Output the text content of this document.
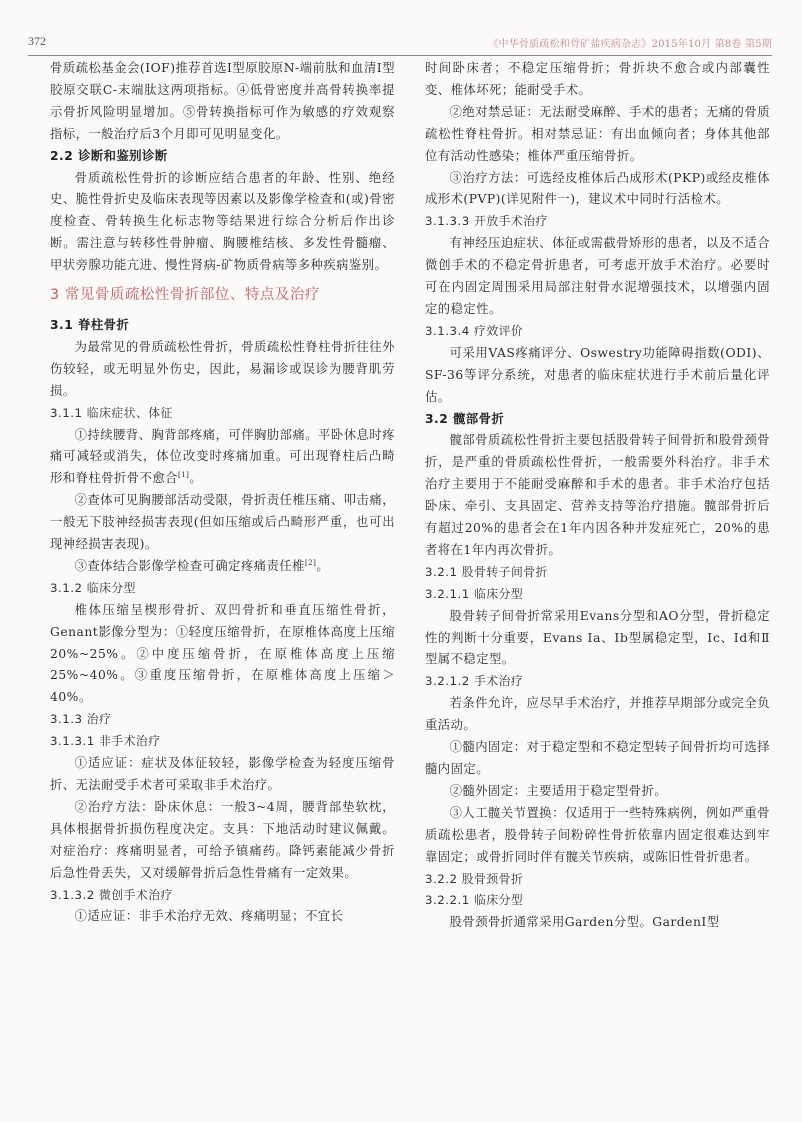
372	《中华骨质疏松和骨矿盐疾病杂志》2015年10月 第8卷 第5期

骨质疏松基金会(IOF)推荐首选Ⅰ型原胶原N-端前肽和血清Ⅰ型胶原交联C-末端肽这两项指标。④低骨密度并高骨转换率提示骨折风险明显增加。⑤骨转换指标可作为敏感的疗效观察指标，一般治疗后3个月即可见明显变化。

2.2 诊断和鉴别诊断

骨质疏松性骨折的诊断应结合患者的年龄、性别、绝经史、脆性骨折史及临床表现等因素以及影像学检查和(或)骨密度检查、骨转换生化标志物等结果进行综合分析后作出诊断。需注意与转移性骨肿瘤、胸腰椎结核、多发性骨髓瘤、甲状旁腺功能亢进、慢性肾病-矿物质骨病等多种疾病鉴别。

3 常见骨质疏松性骨折部位、特点及治疗
3.1 脊柱骨折

为最常见的骨质疏松性骨折，骨质疏松性脊柱骨折往往外伤较轻，或无明显外伤史，因此，易漏诊或误诊为腰背肌劳损。

3.1.1 临床症状、体征

①持续腰背、胸背部疼痛，可伴胸肋部痛。平卧休息时疼痛可减轻或消失，体位改变时疼痛加重。可出现脊柱后凸畸形和脊柱骨折骨不愈合[1]。

②查体可见胸腰部活动受限，骨折责任椎压痛、叩击痛，一般无下肢神经损害表现(但如压缩或后凸畸形严重，也可出现神经损害表现)。

③查体结合影像学检查可确定疼痛责任椎[2]。

3.1.2 临床分型

椎体压缩呈楔形骨折、双凹骨折和垂直压缩性骨折，Genant影像分型为：①轻度压缩骨折，在原椎体高度上压缩20%~25%。②中度压缩骨折，在原椎体高度上压缩25%~40%。③重度压缩骨折，在原椎体高度上压缩＞40%。

3.1.3 治疗
3.1.3.1 非手术治疗

①适应证：症状及体征较轻，影像学检查为轻度压缩骨折、无法耐受手术者可采取非手术治疗。

②治疗方法：卧床休息：一般3~4周，腰背部垫软枕，具体根据骨折损伤程度决定。支具：下地活动时建议佩戴。对症治疗：疼痛明显者，可给予镇痛药。降钙素能减少骨折后急性骨丢失，又对缓解骨折后急性骨痛有一定效果。

3.1.3.2 微创手术治疗

①适应证：非手术治疗无效、疼痛明显；不宜长

时间卧床者；不稳定压缩骨折；骨折块不愈合或内部囊性变、椎体坏死；能耐受手术。

②绝对禁忌证：无法耐受麻醉、手术的患者；无痛的骨质疏松性脊柱骨折。相对禁忌证：有出血倾向者；身体其他部位有活动性感染；椎体严重压缩骨折。

③治疗方法：可选经皮椎体后凸成形术(PKP)或经皮椎体成形术(PVP)(详见附件一)，建议术中同时行活检术。

3.1.3.3 开放手术治疗

有神经压迫症状、体征或需截骨矫形的患者，以及不适合微创手术的不稳定骨折患者，可考虑开放手术治疗。必要时可在内固定周围采用局部注射骨水泥增强技术，以增强内固定的稳定性。

3.1.3.4 疗效评价

可采用VAS疼痛评分、Oswestry功能障碍指数(ODI)、SF-36等评分系统，对患者的临床症状进行手术前后量化评估。

3.2 髋部骨折

髋部骨质疏松性骨折主要包括股骨转子间骨折和股骨颈骨折，是严重的骨质疏松性骨折，一般需要外科治疗。非手术治疗主要用于不能耐受麻醉和手术的患者。非手术治疗包括卧床、牵引、支具固定、营养支持等治疗措施。髋部骨折后有超过20%的患者会在1年内因各种并发症死亡，20%的患者将在1年内再次骨折。

3.2.1 股骨转子间骨折
3.2.1.1 临床分型

股骨转子间骨折常采用Evans分型和AO分型，骨折稳定性的判断十分重要，Evans Ⅰa、Ⅰb型属稳定型，Ⅰc、Ⅰd和Ⅱ型属不稳定型。

3.2.1.2 手术治疗

若条件允许，应尽早手术治疗，并推荐早期部分或完全负重活动。

①髓内固定：对于稳定型和不稳定型转子间骨折均可选择髓内固定。

②髓外固定：主要适用于稳定型骨折。

③人工髋关节置换：仅适用于一些特殊病例，例如严重骨质疏松患者，股骨转子间粉碎性骨折依靠内固定很难达到牢靠固定；或骨折同时伴有髋关节疾病，或陈旧性骨折患者。

3.2.2 股骨颈骨折
3.2.2.1 临床分型

股骨颈骨折通常采用Garden分型。GardenⅠ型
